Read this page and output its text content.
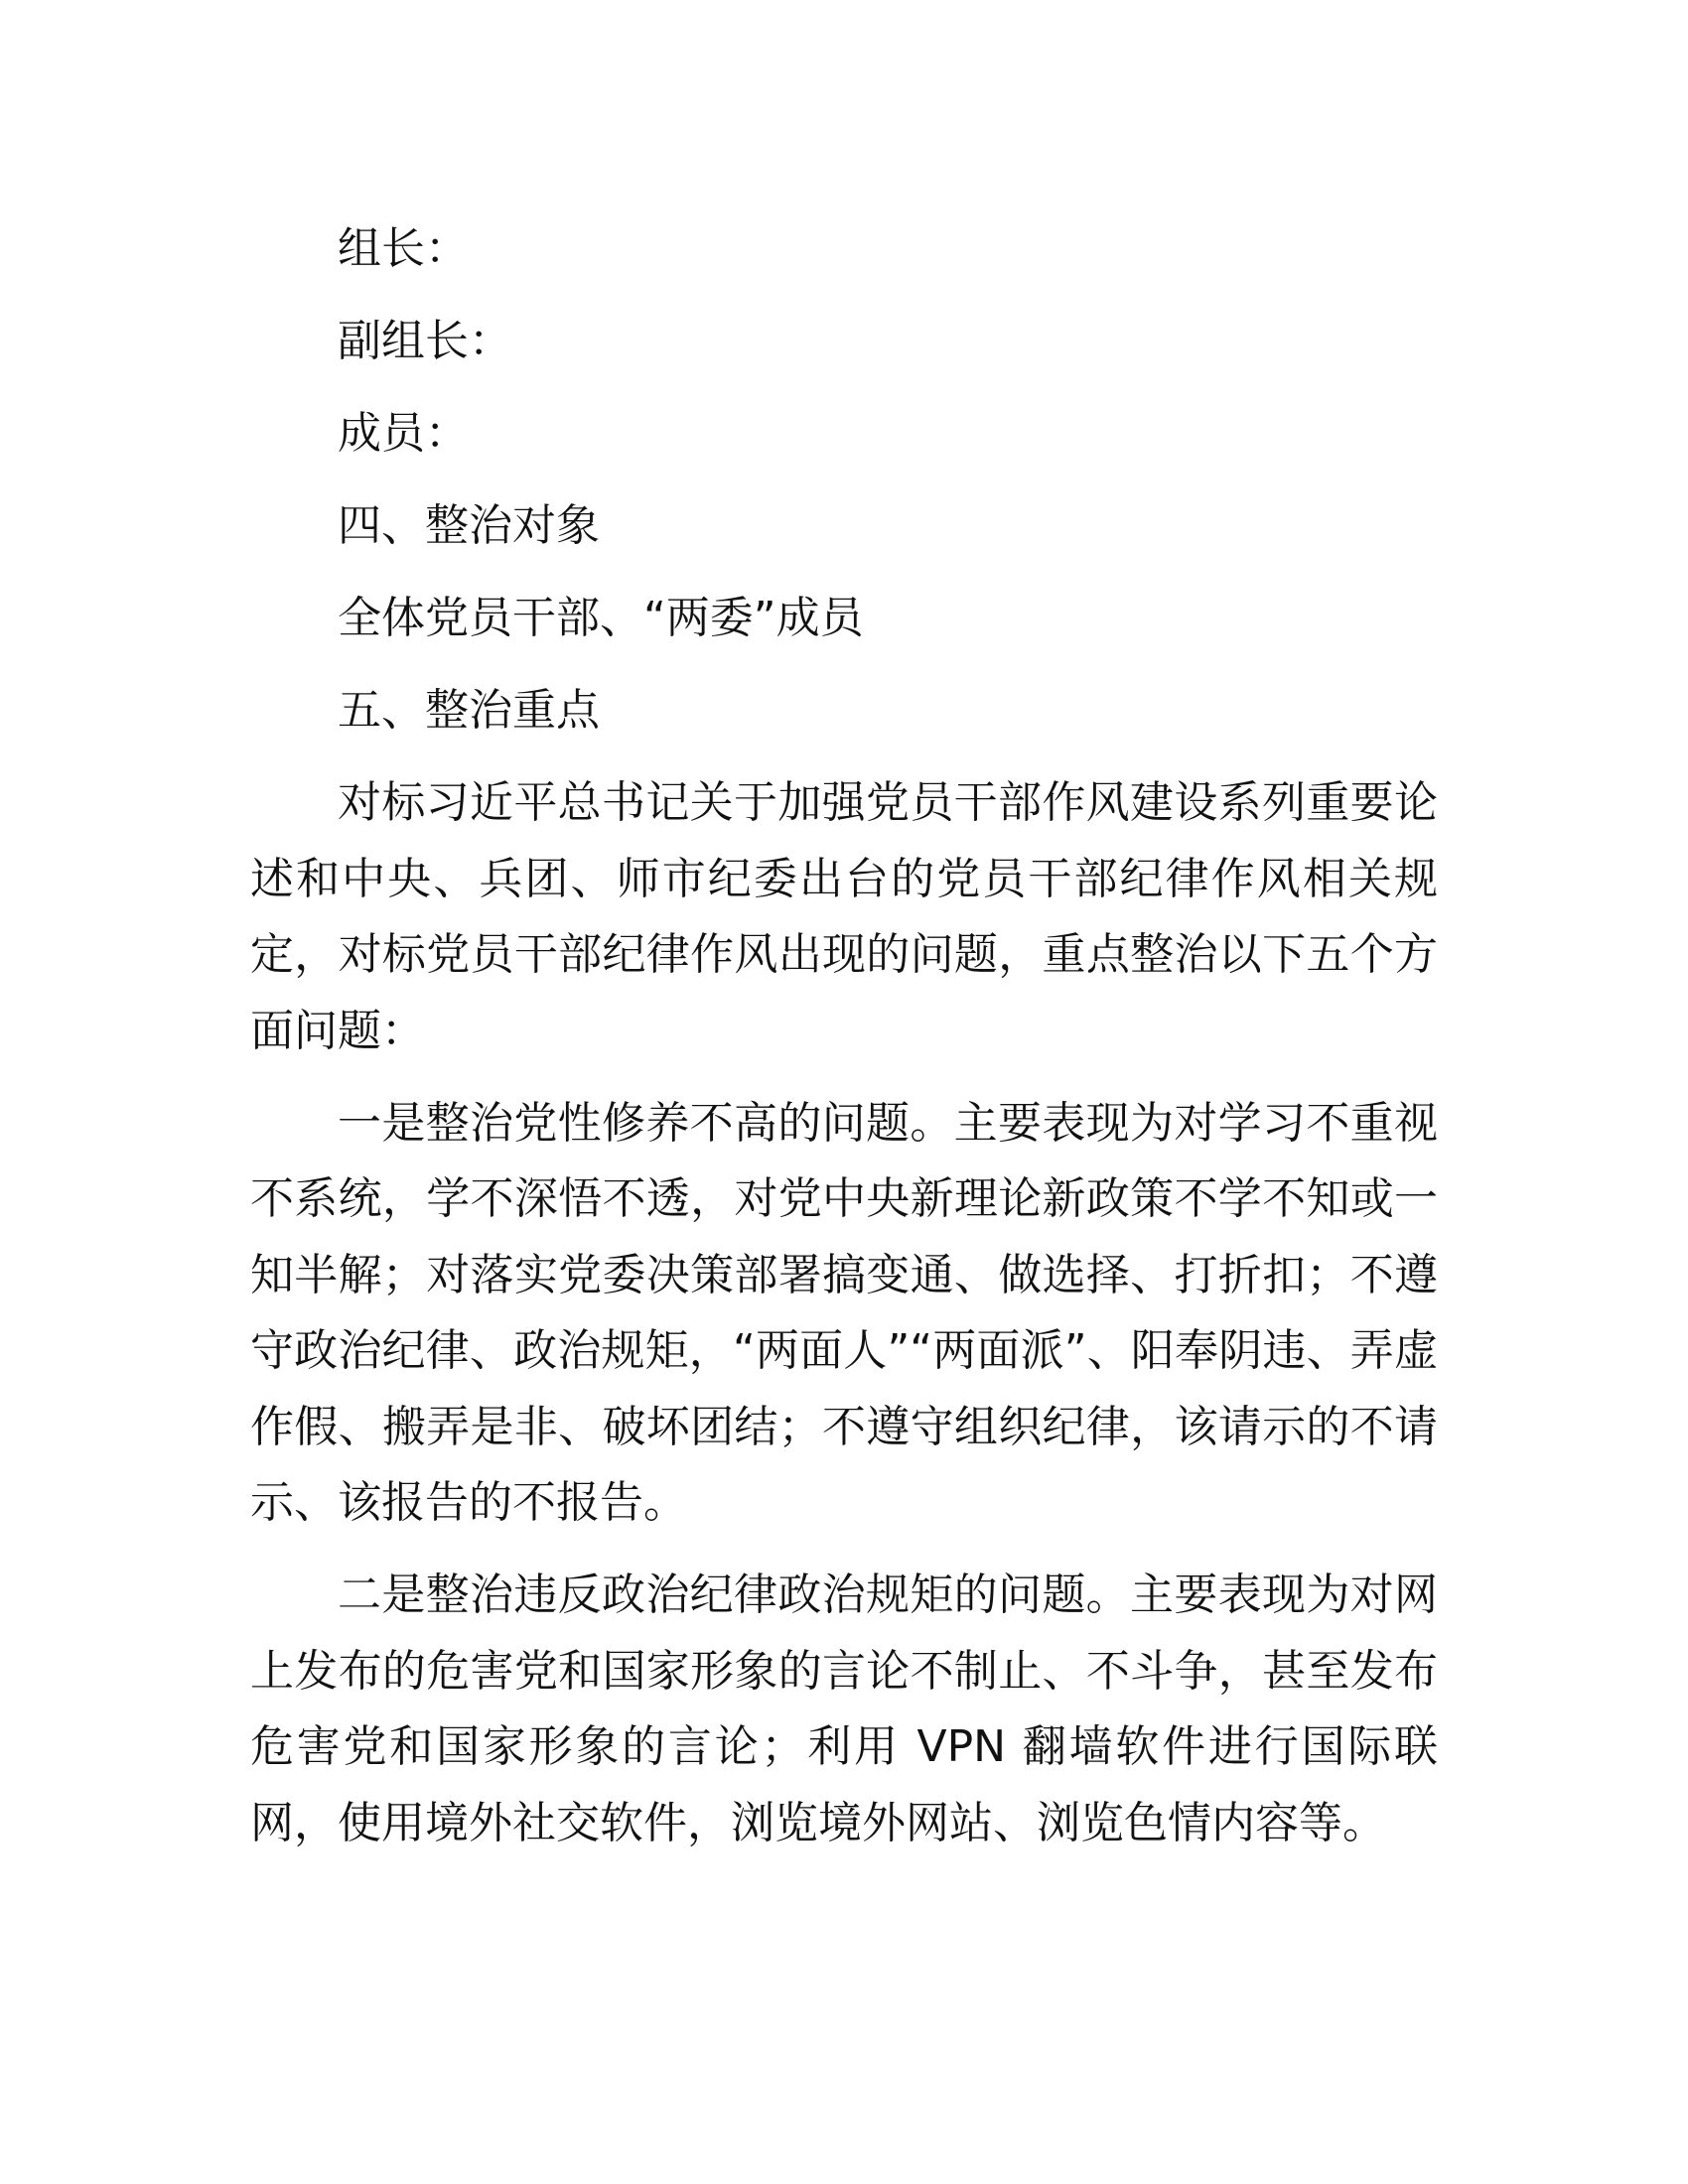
组长：

副组长：

成员：

四、整治对象

全体党员干部、“两委”成员

五、整治重点

对标习近平总书记关于加强党员干部作风建设系列重要论述和中央、兵团、师市纪委出台的党员干部纪律作风相关规定，对标党员干部纪律作风出现的问题，重点整治以下五个方面问题：

一是整治党性修养不高的问题。主要表现为对学习不重视不系统，学不深悟不透，对党中央新理论新政策不学不知或一知半解；对落实党委决策部署搞变通、做选择、打折扣；不遵守政治纪律、政治规矩，“两面人”“两面派”、阳奉阴违、弄虚作假、搬弄是非、破坏团结；不遵守组织纪律，该请示的不请示、该报告的不报告。

二是整治违反政治纪律政治规矩的问题。主要表现为对网上发布的危害党和国家形象的言论不制止、不斗争，甚至发布危害党和国家形象的言论；利用 VPN 翻墙软件进行国际联网，使用境外社交软件，浏览境外网站、浏览色情内容等。
